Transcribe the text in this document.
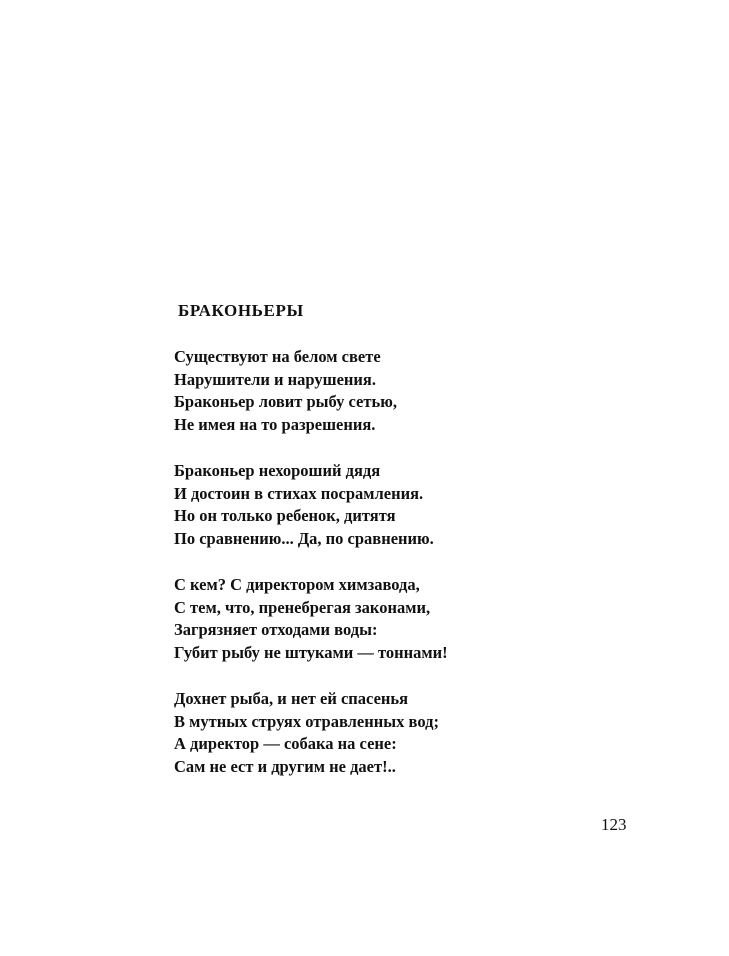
БРАКОНЬЕРЫ
Существуют на белом свете
Нарушители и нарушения.
Браконьер ловит рыбу сетью,
Не имея на то разрешения.
Браконьер нехороший дядя
И достоин в стихах посрамления.
Но он только ребенок, дитятя
По сравнению... Да, по сравнению.
С кем? С директором химзавода,
С тем, что, пренебрегая законами,
Загрязняет отходами воды:
Губит рыбу не штуками — тоннами!
Дохнет рыба, и нет ей спасенья
В мутных струях отравленных вод;
А директор — собака на сене:
Сам не ест и другим не дает!..
123
